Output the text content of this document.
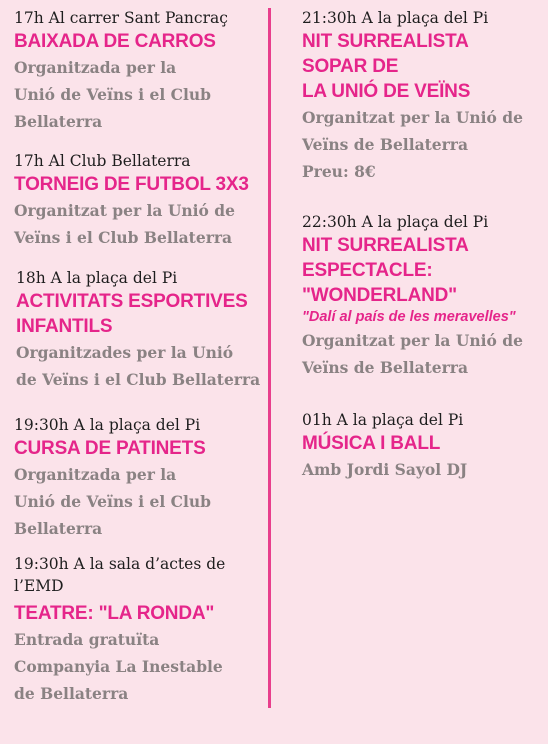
17h Al carrer Sant Pancraç
BAIXADA DE CARROS
Organitzada per la
Unió de Veïns i el Club
Bellaterra
17h Al Club Bellaterra
TORNEIG DE FUTBOL 3X3
Organitzat per la Unió de
Veïns i el Club Bellaterra
18h A la plaça del Pi
ACTIVITATS ESPORTIVES
INFANTILS
Organitzades per la Unió
de Veïns i el Club Bellaterra
19:30h A la plaça del Pi
CURSA DE PATINETS
Organitzada per la
Unió de Veïns i el Club
Bellaterra
19:30h A la sala d’actes de
l’EMD
TEATRE: "LA RONDA"
Entrada gratuïta
Companyia La Inestable
de Bellaterra
21:30h A la plaça del Pi
NIT SURREALISTA
SOPAR DE
LA UNIÓ DE VEÏNS
Organitzat per la Unió de
Veïns de Bellaterra
Preu: 8€
22:30h A la plaça del Pi
NIT SURREALISTA
ESPECTACLE:
"WONDERLAND"
"Dalí al país de les meravelles"
Organitzat per la Unió de
Veïns de Bellaterra
01h A la plaça del Pi
MÚSICA I BALL
Amb Jordi Sayol DJ
